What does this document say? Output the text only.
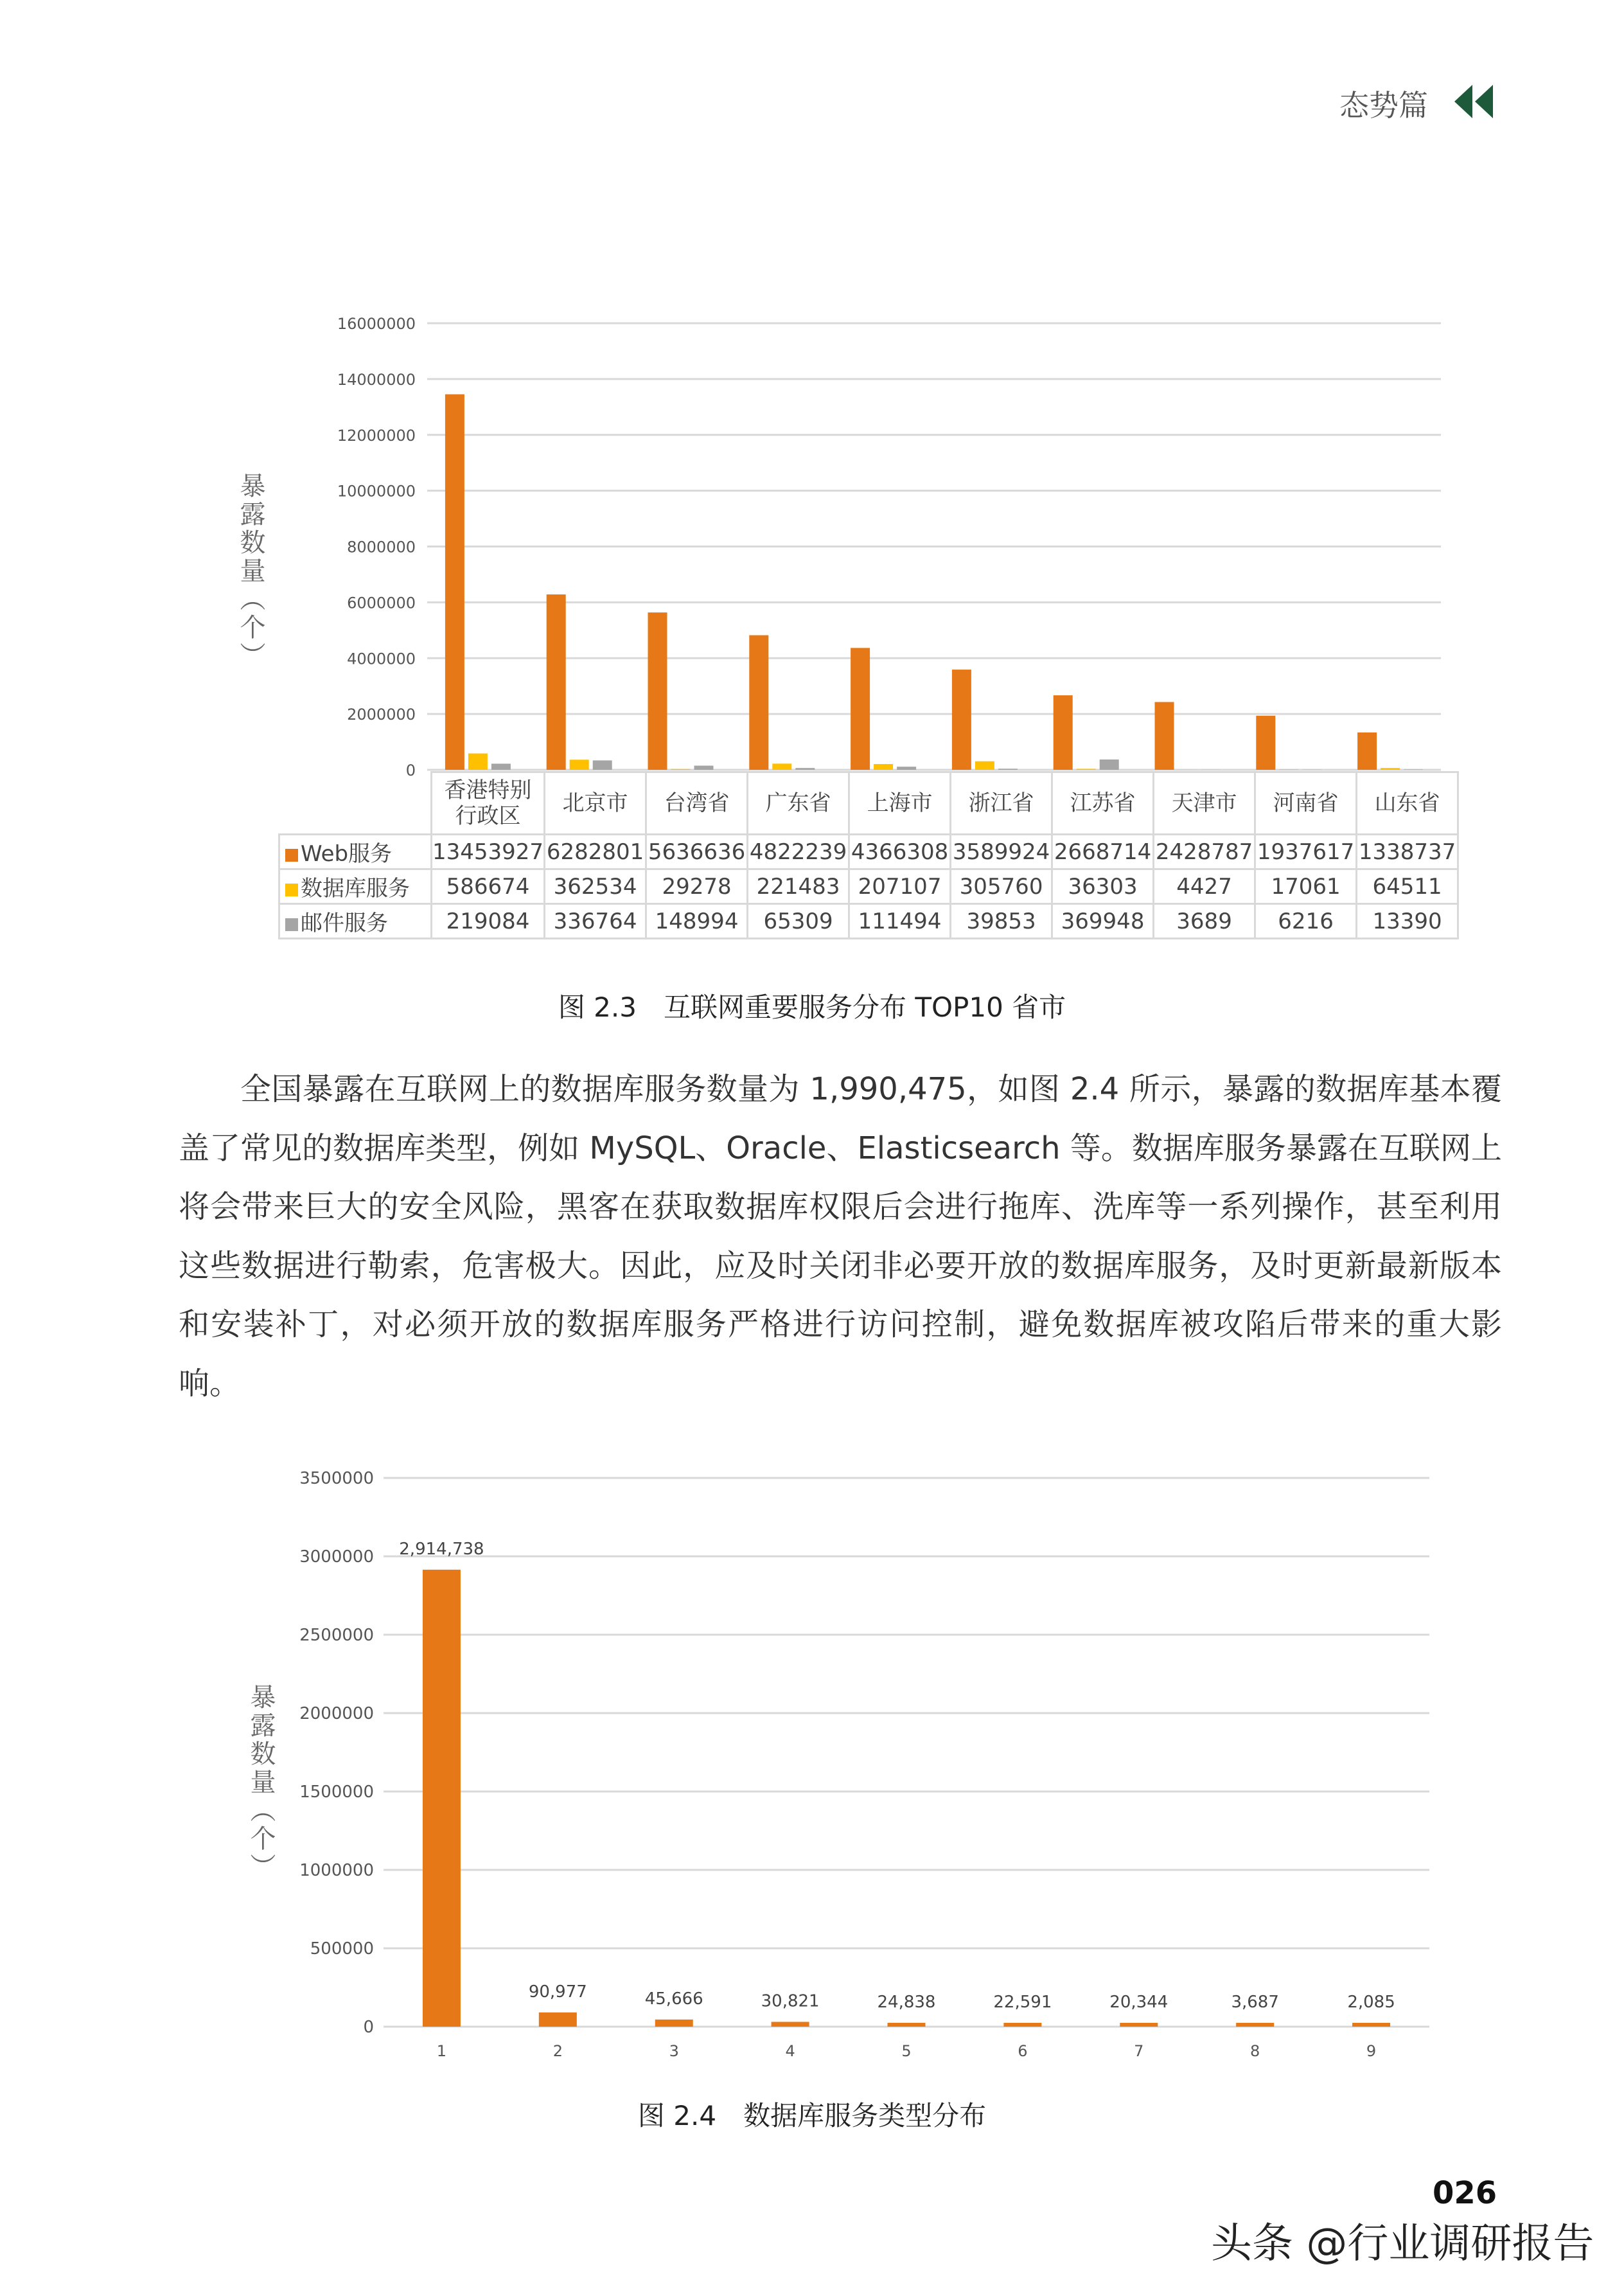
态势篇
0
2000000
4000000
6000000
8000000
10000000
12000000
14000000
16000000
暴露数量（个）
	香港特别行政区	北京市	台湾省	广东省	上海市	浙江省	江苏省	天津市	河南省	山东省
Web服务	13453927	6282801	5636636	4822239	4366308	3589924	2668714	2428787	1937617	1338737
数据库服务	586674	362534	29278	221483	207107	305760	36303	4427	17061	64511
邮件服务	219084	336764	148994	65309	111494	39853	369948	3689	6216	13390
图 2.3　互联网重要服务分布 TOP10 省市

全国暴露在互联网上的数据库服务数量为 1,990,475，如图 2.4 所示，暴露的数据库基本覆盖了常见的数据库类型，例如 MySQL、Oracle、Elasticsearch 等。数据库服务暴露在互联网上将会带来巨大的安全风险，黑客在获取数据库权限后会进行拖库、洗库等一系列操作，甚至利用这些数据进行勒索，危害极大。因此，应及时关闭非必要开放的数据库服务，及时更新最新版本和安装补丁，对必须开放的数据库服务严格进行访问控制，避免数据库被攻陷后带来的重大影响。

0
500000
1000000
1500000
2000000
2500000
3000000
3500000
2,914,738
1
90,977
2
45,666
3
30,821
4
24,838
5
22,591
6
20,344
7
3,687
8
2,085
9
暴露数量（个）
图 2.4　数据库服务类型分布
026
头条 @行业调研报告
